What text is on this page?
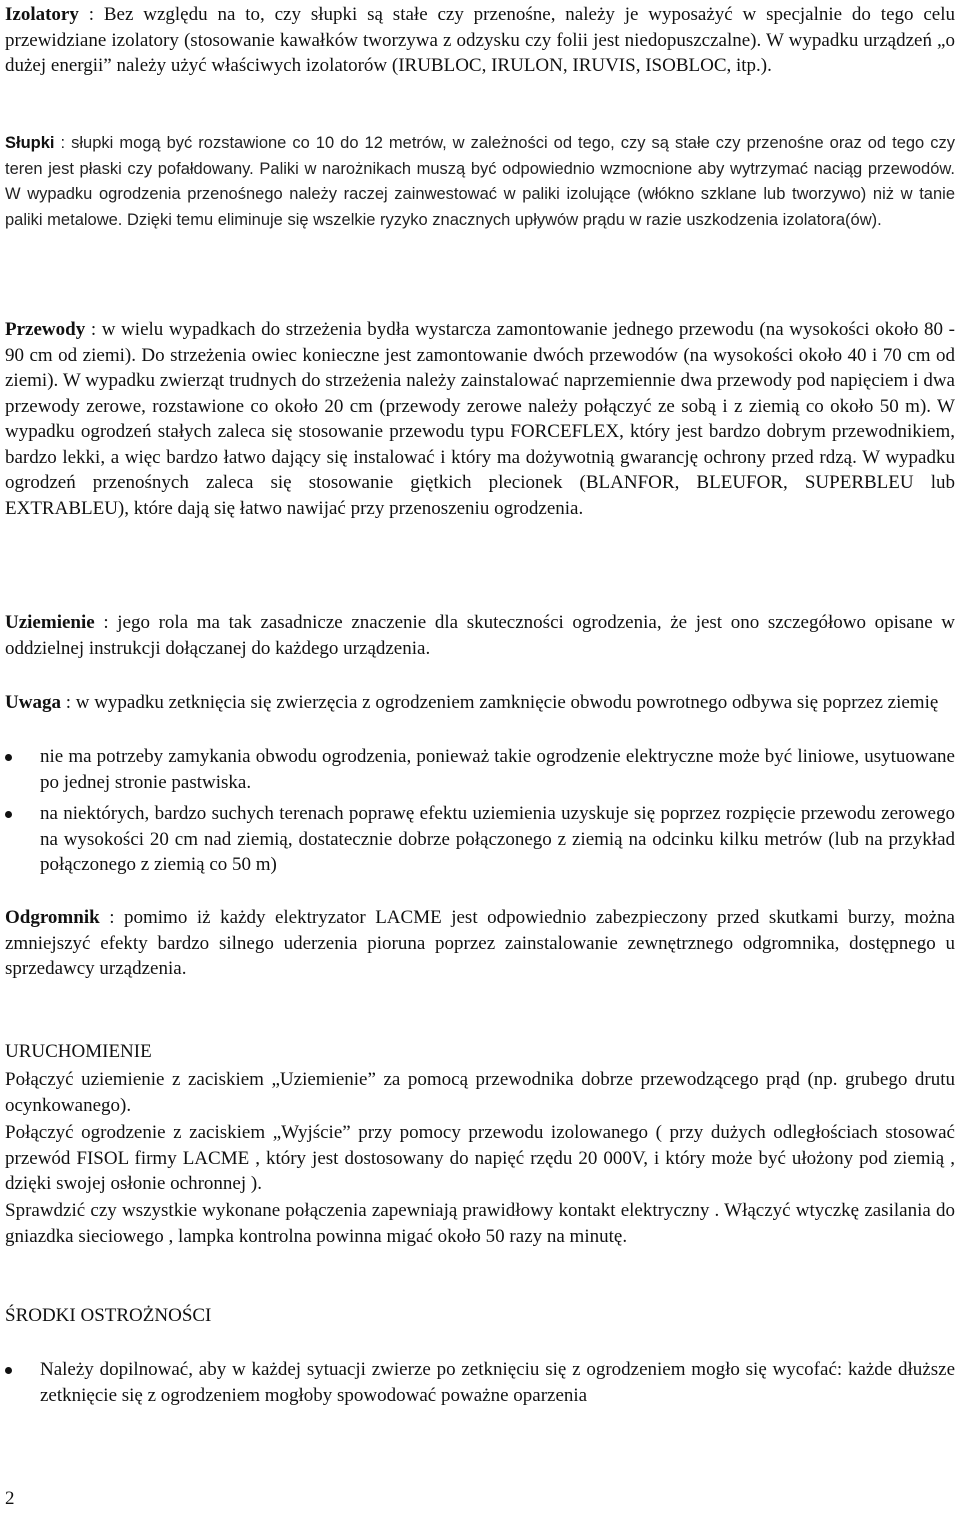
Izolatory : Bez względu na to, czy słupki są stałe czy przenośne, należy je wyposażyć w specjalnie do tego celu przewidziane izolatory (stosowanie kawałków tworzywa z odzysku czy folii jest niedopuszczalne). W wypadku urządzeń „o dużej energii” należy użyć właściwych izolatorów (IRUBLOC, IRULON, IRUVIS, ISOBLOC, itp.).

Słupki : słupki mogą być rozstawione co 10 do 12 metrów, w zależności od tego, czy są stałe czy przenośne oraz od tego czy teren jest płaski czy pofałdowany. Paliki w narożnikach muszą być odpowiednio wzmocnione aby wytrzymać naciąg przewodów. W wypadku ogrodzenia przenośnego należy raczej zainwestować w paliki izolujące (włókno szklane lub tworzywo) niż w tanie paliki metalowe. Dzięki temu eliminuje się wszelkie ryzyko znacznych upływów prądu w razie uszkodzenia izolatora(ów).

Przewody : w wielu wypadkach do strzeżenia bydła wystarcza zamontowanie jednego przewodu (na wysokości około 80 - 90 cm od ziemi). Do strzeżenia owiec konieczne jest zamontowanie dwóch przewodów (na wysokości około 40 i 70 cm od ziemi). W wypadku zwierząt trudnych do strzeżenia należy zainstalować naprzemiennie dwa przewody pod napięciem i dwa przewody zerowe, rozstawione co około 20 cm (przewody zerowe należy połączyć ze sobą i z ziemią co około 50 m). W wypadku ogrodzeń stałych zaleca się stosowanie przewodu typu FORCEFLEX, który jest bardzo dobrym przewodnikiem, bardzo lekki, a więc bardzo łatwo dający się instalować i który ma dożywotnią gwarancję ochrony przed rdzą. W wypadku ogrodzeń przenośnych zaleca się stosowanie giętkich plecionek (BLANFOR, BLEUFOR, SUPERBLEU lub EXTRABLEU), które dają się łatwo nawijać przy przenoszeniu ogrodzenia.

Uziemienie : jego rola ma tak zasadnicze znaczenie dla skuteczności ogrodzenia, że jest ono szczegółowo opisane w oddzielnej instrukcji dołączanej do każdego urządzenia.

Uwaga : w wypadku zetknięcia się zwierzęcia z ogrodzeniem zamknięcie obwodu powrotnego odbywa się poprzez ziemię

nie ma potrzeby zamykania obwodu ogrodzenia, ponieważ takie ogrodzenie elektryczne może być liniowe, usytuowane po jednej stronie pastwiska.
na niektórych, bardzo suchych terenach poprawę efektu uziemienia uzyskuje się poprzez rozpięcie przewodu zerowego na wysokości 20 cm nad ziemią, dostatecznie dobrze połączonego z ziemią na odcinku kilku metrów (lub na przykład połączonego z ziemią co 50 m)

Odgromnik : pomimo iż każdy elektryzator LACME jest odpowiednio zabezpieczony przed skutkami burzy, można zmniejszyć efekty bardzo silnego uderzenia pioruna poprzez zainstalowanie zewnętrznego odgromnika, dostępnego u sprzedawcy urządzenia.

URUCHOMIENIE

Połączyć uziemienie z zaciskiem „Uziemienie” za pomocą przewodnika dobrze przewodzącego prąd (np. grubego drutu ocynkowanego).

Połączyć ogrodzenie z zaciskiem „Wyjście” przy pomocy przewodu izolowanego ( przy dużych odległościach stosować przewód FISOL firmy LACME , który jest dostosowany do napięć rzędu 20 000V, i który może być ułożony pod ziemią , dzięki swojej osłonie ochronnej ).

Sprawdzić czy wszystkie wykonane połączenia zapewniają prawidłowy kontakt elektryczny . Włączyć wtyczkę zasilania do gniazdka sieciowego , lampka kontrolna powinna migać około 50 razy na minutę.

ŚRODKI OSTROŻNOŚCI

Należy dopilnować, aby w każdej sytuacji zwierze po zetknięciu się z ogrodzeniem mogło się wycofać: każde dłuższe zetknięcie się z ogrodzeniem mogłoby spowodować poważne oparzenia
2
